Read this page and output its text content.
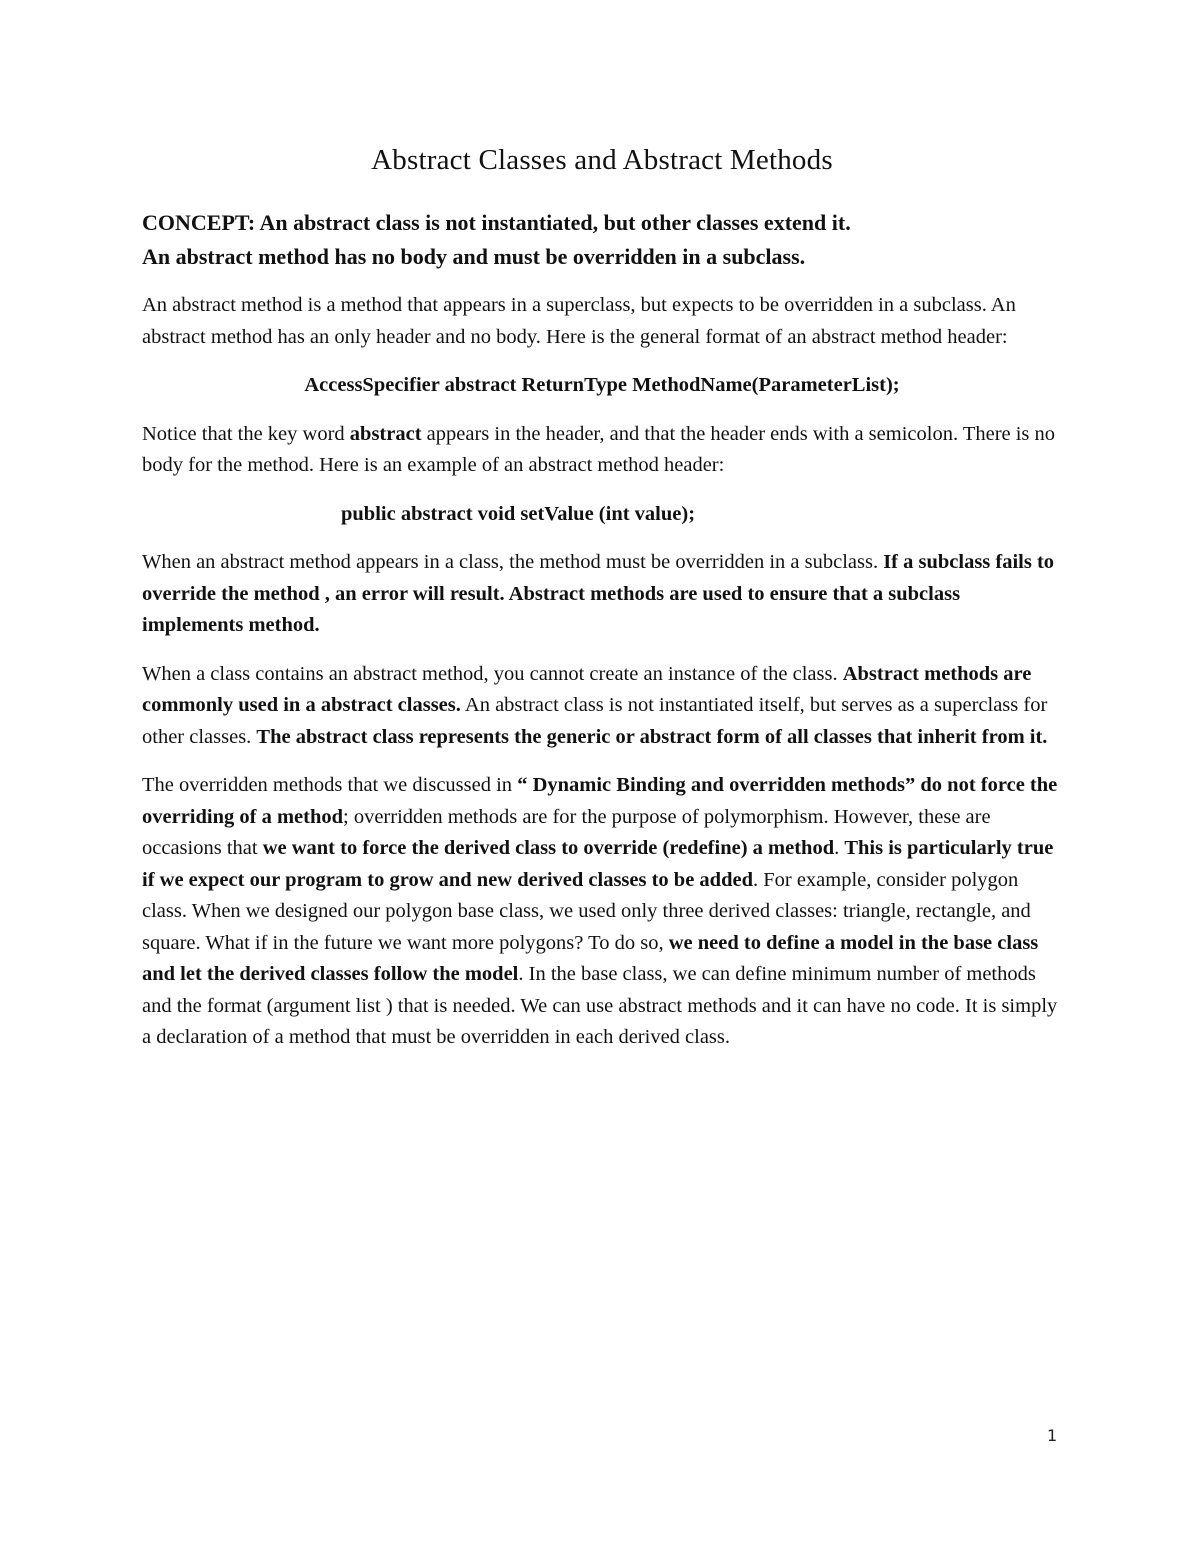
Abstract Classes and Abstract Methods
CONCEPT: An abstract class is not instantiated, but other classes extend it.
An abstract method has no body and must be overridden in a subclass.

An abstract method is a method that appears in a superclass, but expects to be overridden in a subclass. An abstract method has an only header and no body. Here is the general format of an abstract method header:

AccessSpecifier abstract ReturnType MethodName(ParameterList);

Notice that the key word abstract appears in the header, and that the header ends with a semicolon. There is no body for the method. Here is an example of an abstract method header:

public abstract void setValue (int value);

When an abstract method appears in a class, the method must be overridden in a subclass. If a subclass fails to override the method , an error will result. Abstract methods are used to ensure that a subclass implements method.

When a class contains an abstract method, you cannot create an instance of the class. Abstract methods are commonly used in a abstract classes. An abstract class is not instantiated itself, but serves as a superclass for other classes. The abstract class represents the generic or abstract form of all classes that inherit from it.

The overridden methods that we discussed in “ Dynamic Binding and overridden methods” do not force the overriding of a method; overridden methods are for the purpose of polymorphism. However, these are occasions that we want to force the derived class to override (redefine) a method. This is particularly true if we expect our program to grow and new derived classes to be added. For example, consider polygon class. When we designed our polygon base class, we used only three derived classes: triangle, rectangle, and square. What if in the future we want more polygons? To do so, we need to define a model in the base class and let the derived classes follow the model. In the base class, we can define minimum number of methods and the format (argument list ) that is needed. We can use abstract methods and it can have no code. It is simply a declaration of a method that must be overridden in each derived class.

1
